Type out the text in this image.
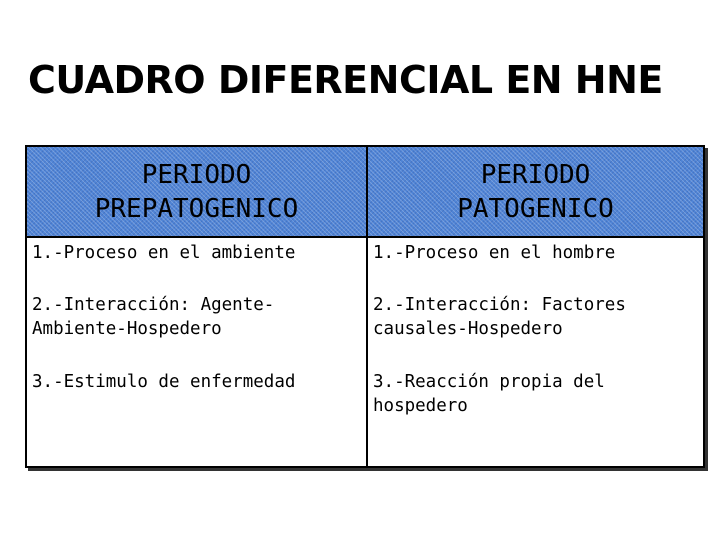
CUADRO DIFERENCIAL EN HNE
PERIODO
PREPATOGENICO
PERIODO
PATOGENICO
1.-Proceso en el ambiente	1.-Proceso en el hombre
2.-Interacción: Agente-
Ambiente-Hospedero
2.-Interacción: Factores
causales-Hospedero
3.-Estimulo de enfermedad	3.-Reacción propia del
hospedero
